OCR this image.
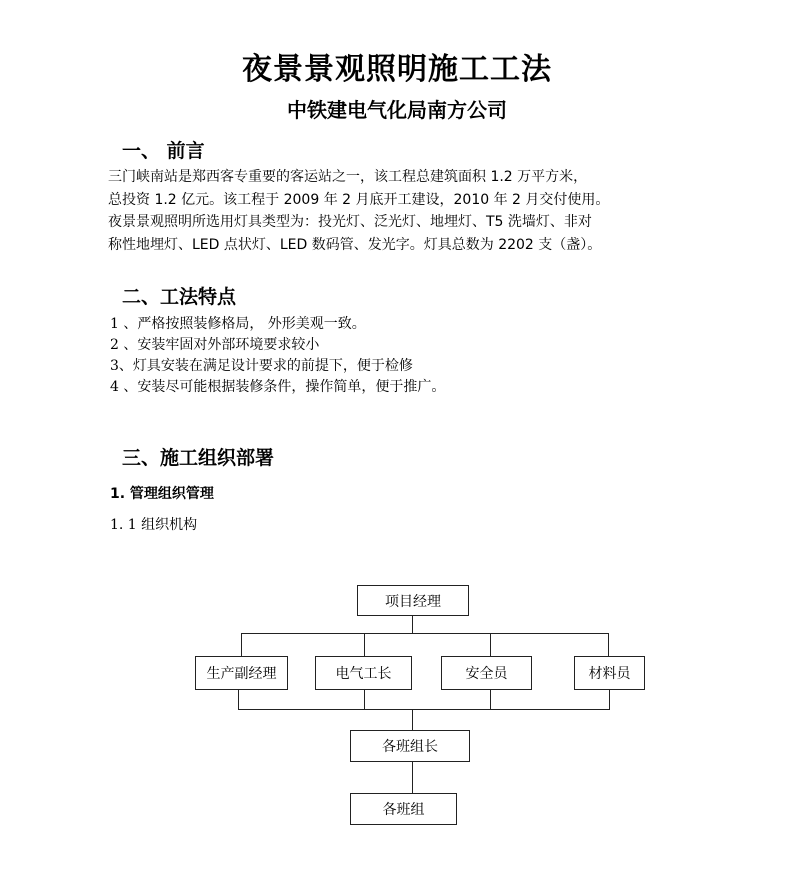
夜景景观照明施工工法
中铁建电气化局南方公司
一、 前言

三门峡南站是郑西客专重要的客运站之一，该工程总建筑面积 1.2 万平方米，

总投资 1.2 亿元。该工程于 2009 年 2 月底开工建设，2010 年 2 月交付使用。

夜景景观照明所选用灯具类型为：投光灯、泛光灯、地埋灯、T5 洗墙灯、非对

称性地埋灯、LED 点状灯、LED 数码管、发光字。灯具总数为 2202 支（盏）。

二、工法特点
1 、严格按照装修格局， 外形美观一致。
2 、安装牢固对外部环境要求较小
3、灯具安装在满足设计要求的前提下，便于检修
4 、安装尽可能根据装修条件，操作简单，便于推广。
三、施工组织部署
1. 管理组织管理
1. 1 组织机构
项目经理
生产副经理	电气工长	安全员	材料员
各班组长
各班组
